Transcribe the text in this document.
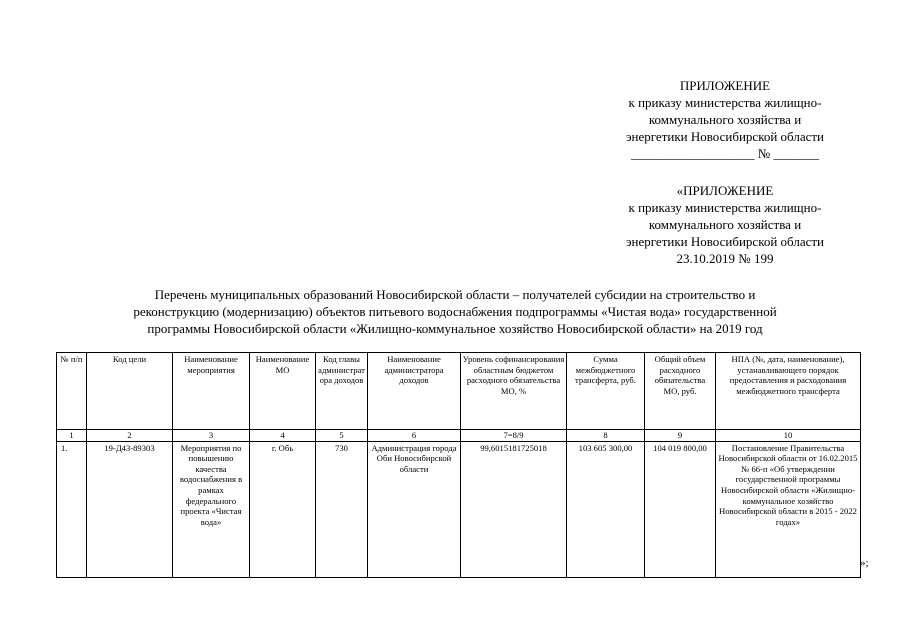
ПРИЛОЖЕНИЕ
к приказу министерства жилищно-
коммунального хозяйства и
энергетики Новосибирской области
___________________ № _______
«ПРИЛОЖЕНИЕ
к приказу министерства жилищно-
коммунального хозяйства и
энергетики Новосибирской области
23.10.2019 № 199
Перечень муниципальных образований Новосибирской области – получателей субсидии на строительство и
реконструкцию (модернизацию) объектов питьевого водоснабжения подпрограммы «Чистая вода» государственной
программы Новосибирской области «Жилищно-коммунальное хозяйство Новосибирской области» на 2019 год
№ п/п	Код цели	Наименование мероприятия	Наименование МО	Код главы администратора доходов	Наименование администратора доходов	Уровень софинансирования областным бюджетом расходного обязательства МО, %	Сумма межбюджетного трансферта, руб.	Общий объем расходного обязательства МО, руб.	НПА (№, дата, наименование), устанавливающего порядок предоставления и расходования межбюджетного трансферта
1	2	3	4	5	6	7=8/9	8	9	10
1.	19-Д43-89303	Мероприятия по повышению качества водоснабжения в рамках федерального проекта «Чистая вода»	г. Обь	730	Администрация города Оби Новосибирской области	99,6015181725018	103 605 300,00	104 019 800,00	Постановление Правительства Новосибирской области от 16.02.2015 № 66-п «Об утверждении государственной программы Новосибирской области «Жилищно-коммунальное хозяйство Новосибирской области в 2015 - 2022 годах»
»;
